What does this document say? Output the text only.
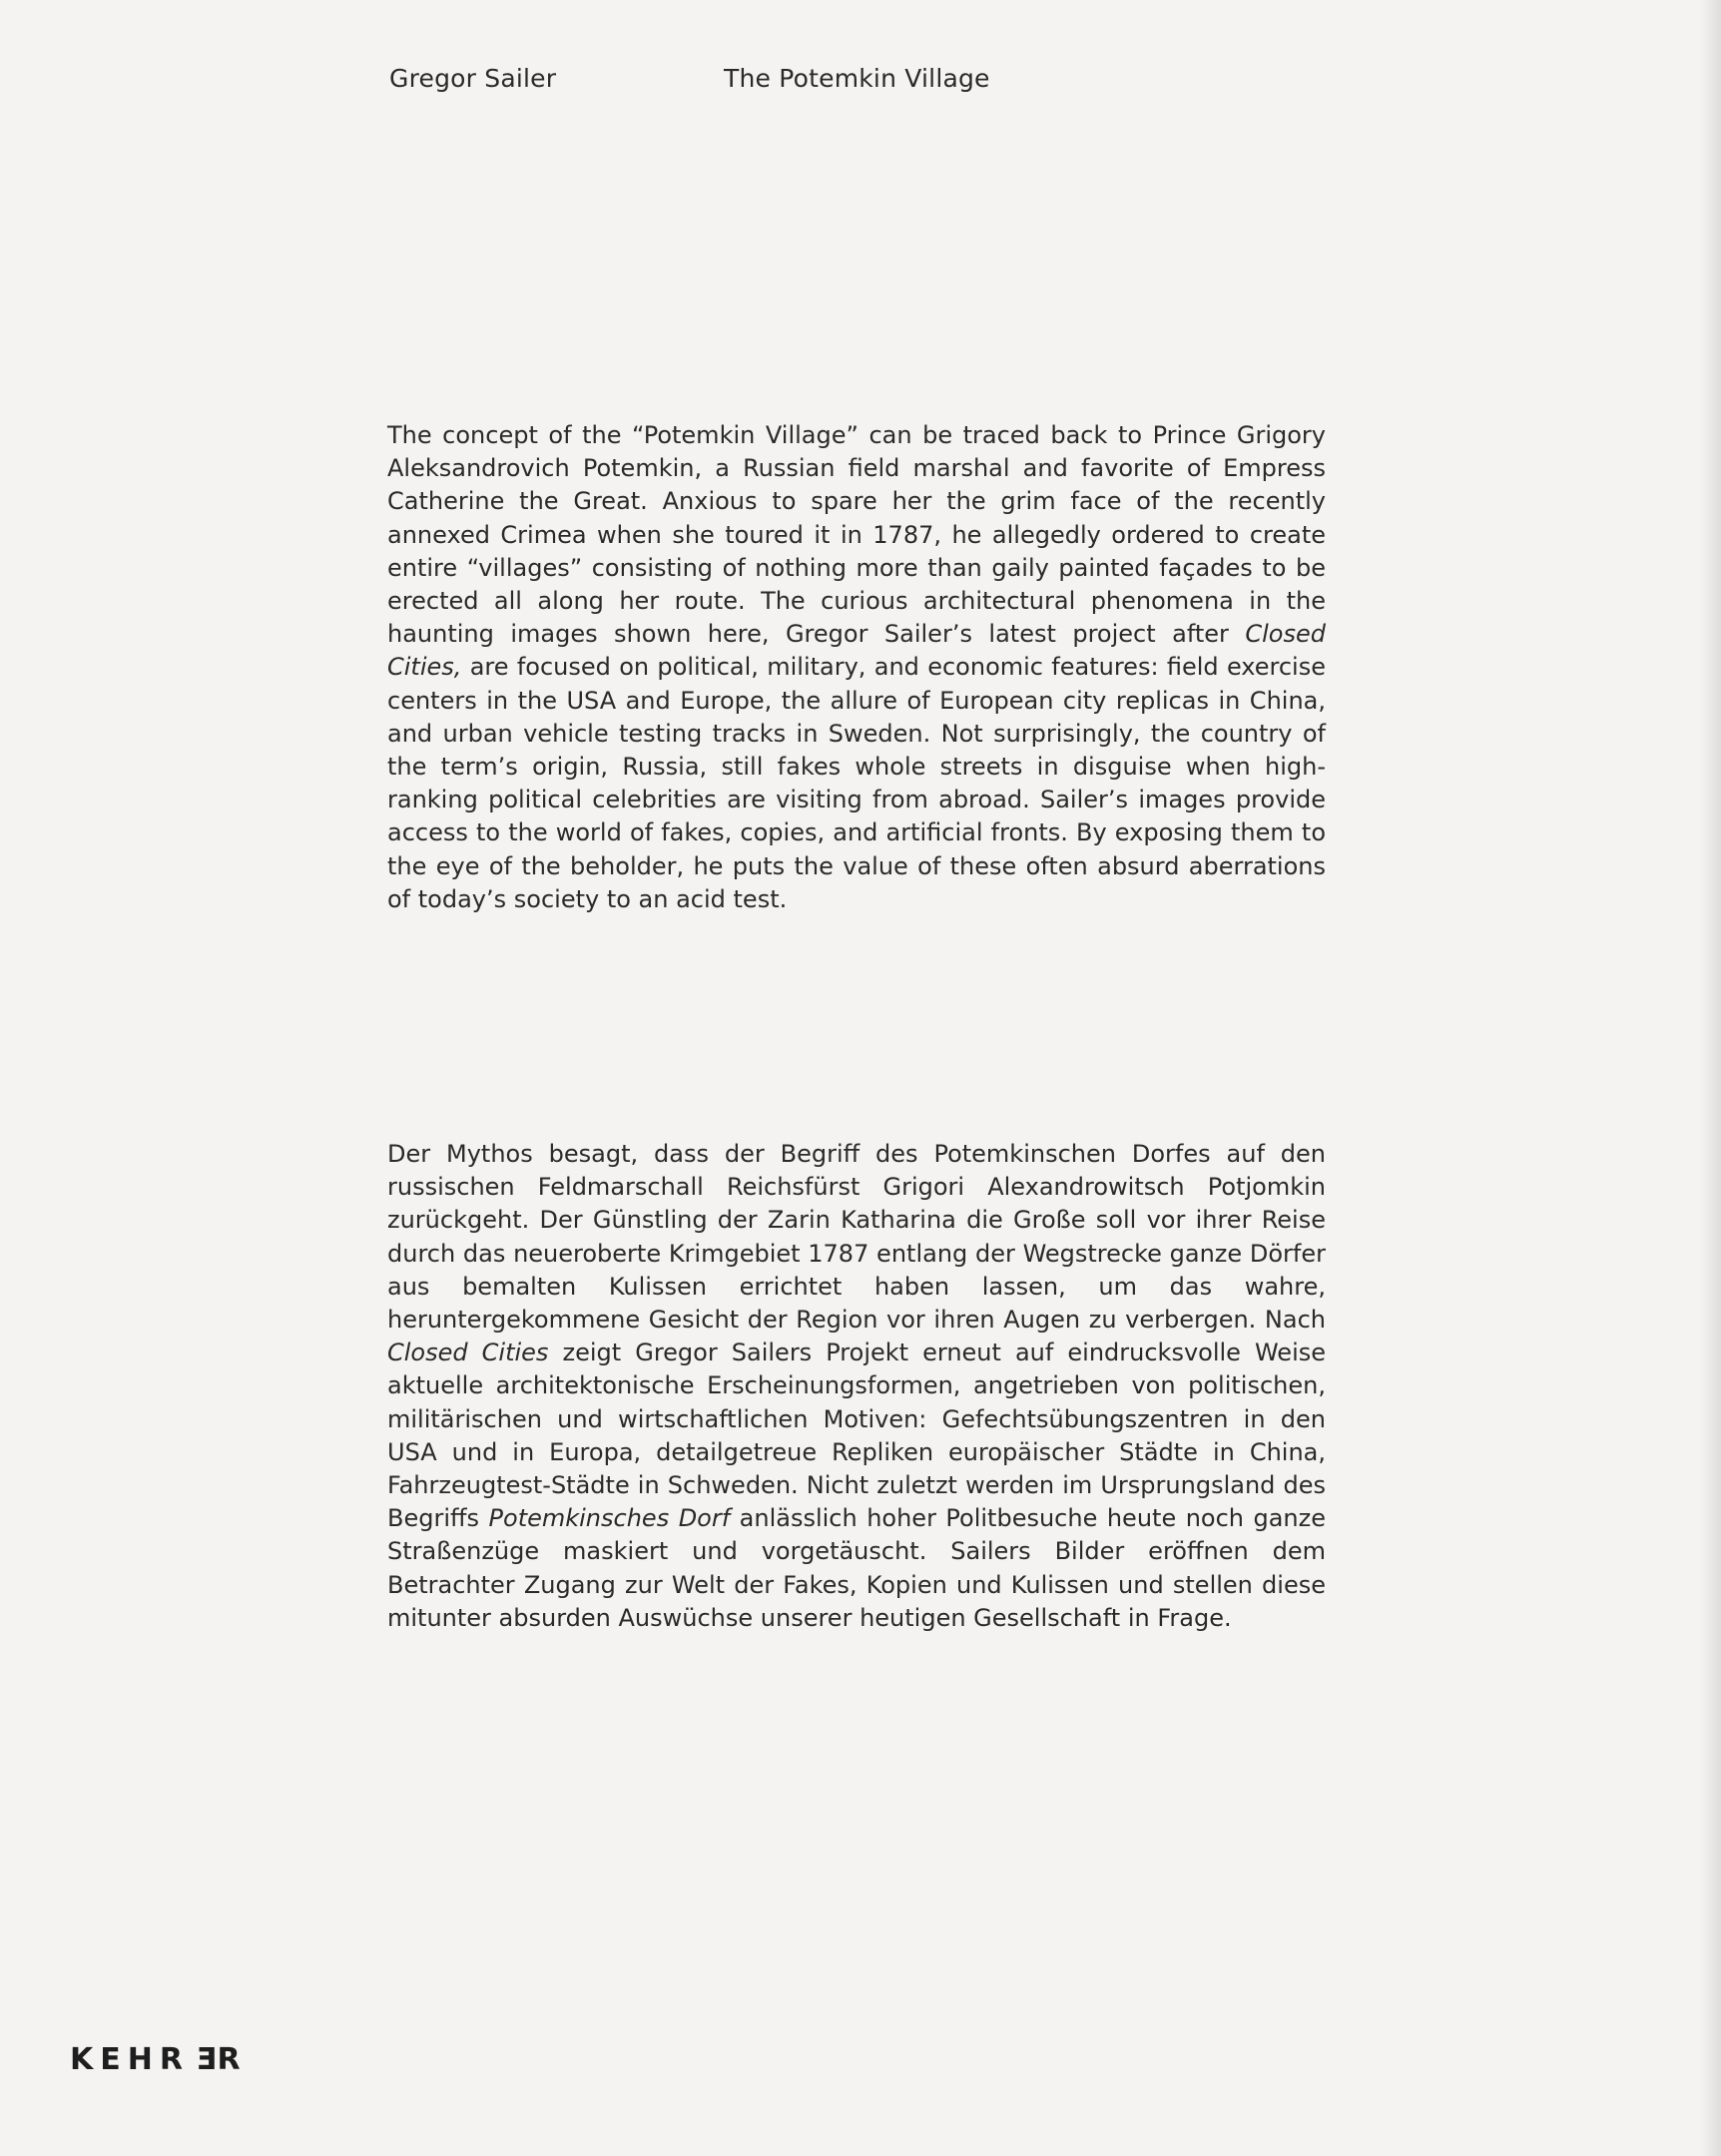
Gregor Sailer	The Potemkin Village
The concept of the “Potemkin Village” can be traced back to Prince Grigory Aleksandrovich Potemkin, a Russian field marshal and favorite of Empress Catherine the Great. Anxious to spare her the grim face of the recently annexed Crimea when she toured it in 1787, he allegedly ordered to create entire “villages” consisting of nothing more than gaily painted façades to be erected all along her route. The curious architectural phenomena in the haunting images shown here, Gregor Sailer’s latest project after Closed Cities, are focused on political, military, and economic features: field exercise centers in the USA and Europe, the allure of European city replicas in China, and urban vehicle testing tracks in Sweden. Not surprisingly, the country of the term’s origin, Russia, still fakes whole streets in disguise when high-ranking political celebrities are visiting from abroad. Sailer’s images provide access to the world of fakes, copies, and artificial fronts. By exposing them to the eye of the beholder, he puts the value of these often absurd aberrations of today’s society to an acid test.
Der Mythos besagt, dass der Begriff des Potemkinschen Dorfes auf den russischen Feldmarschall Reichsfürst Grigori Alexandrowitsch Potjomkin zurückgeht. Der Günstling der Zarin Katharina die Große soll vor ihrer Reise durch das neueroberte Krimgebiet 1787 entlang der Wegstrecke ganze Dörfer aus bemalten Kulissen errichtet haben lassen, um das wahre, heruntergekommene Gesicht der Region vor ihren Augen zu verbergen. Nach Closed Cities zeigt Gregor Sailers Projekt erneut auf eindrucksvolle Weise aktuelle architektonische Erscheinungsformen, angetrieben von politischen, militärischen und wirtschaftlichen Motiven: Gefechtsübungszentren in den USA und in Europa, detailgetreue Repliken europäischer Städte in China, Fahrzeugtest-Städte in Schweden. Nicht zuletzt werden im Ursprungsland des Begriffs Potemkinsches Dorf anlässlich hoher Politbesuche heute noch ganze Straßenzüge maskiert und vorgetäuscht. Sailers Bilder eröffnen dem Betrachter Zugang zur Welt der Fakes, Kopien und Kulissen und stellen diese mitunter absurden Auswüchse unserer heutigen Gesellschaft in Frage.
KEHRER
